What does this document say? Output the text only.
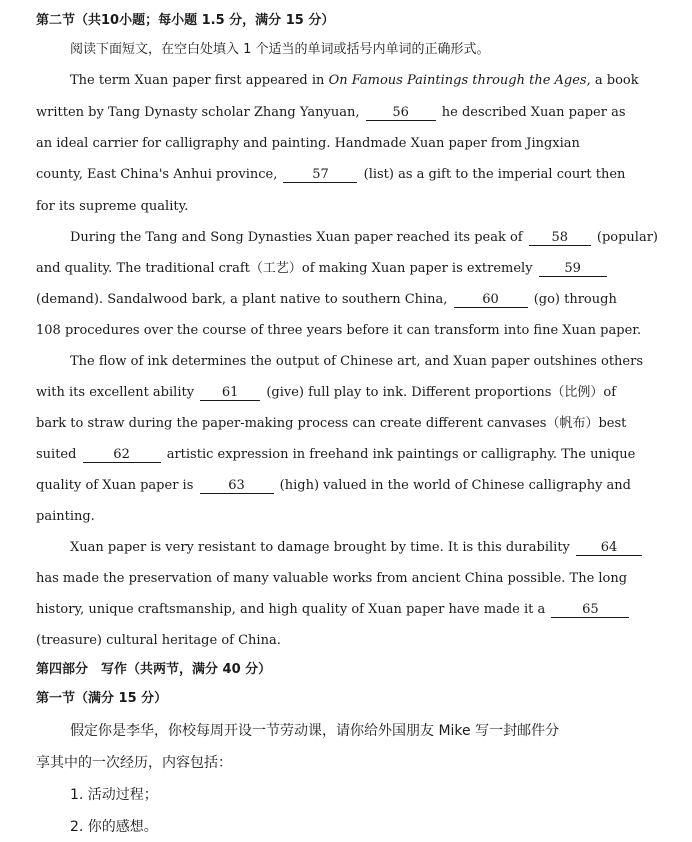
第二节（共10小题；每小题 1.5 分，满分 15 分）
阅读下面短文，在空白处填入 1 个适当的单词或括号内单词的正确形式。
The term Xuan paper first appeared in On Famous Paintings through the Ages, a book
written by Tang Dynasty scholar Zhang Yanyuan, 56 he described Xuan paper as
an ideal carrier for calligraphy and painting. Handmade Xuan paper from Jingxian
county, East China's Anhui province, 57 (list) as a gift to the imperial court then
for its supreme quality.
During the Tang and Song Dynasties Xuan paper reached its peak of 58 (popular)
and quality. The traditional craft（工艺）of making Xuan paper is extremely 59
(demand). Sandalwood bark, a plant native to southern China, 60 (go) through
108 procedures over the course of three years before it can transform into fine Xuan paper.
The flow of ink determines the output of Chinese art, and Xuan paper outshines others
with its excellent ability 61 (give) full play to ink. Different proportions（比例）of
bark to straw during the paper-making process can create different canvases（帆布）best
suited	62	artistic expression in freehand ink paintings or calligraphy. The unique
quality of Xuan paper is 63 (high) valued in the world of Chinese calligraphy and
painting.
Xuan paper is very resistant to damage brought by time. It is this durability 64
has made the preservation of many valuable works from ancient China possible. The long
history, unique craftsmanship, and high quality of Xuan paper have made it a	65
(treasure) cultural heritage of China.
第四部分　写作（共两节，满分 40 分）
第一节（满分 15 分）
假定你是李华，你校每周开设一节劳动课，请你给外国朋友 Mike 写一封邮件分
享其中的一次经历，内容包括：
1. 活动过程；
2. 你的感想。
